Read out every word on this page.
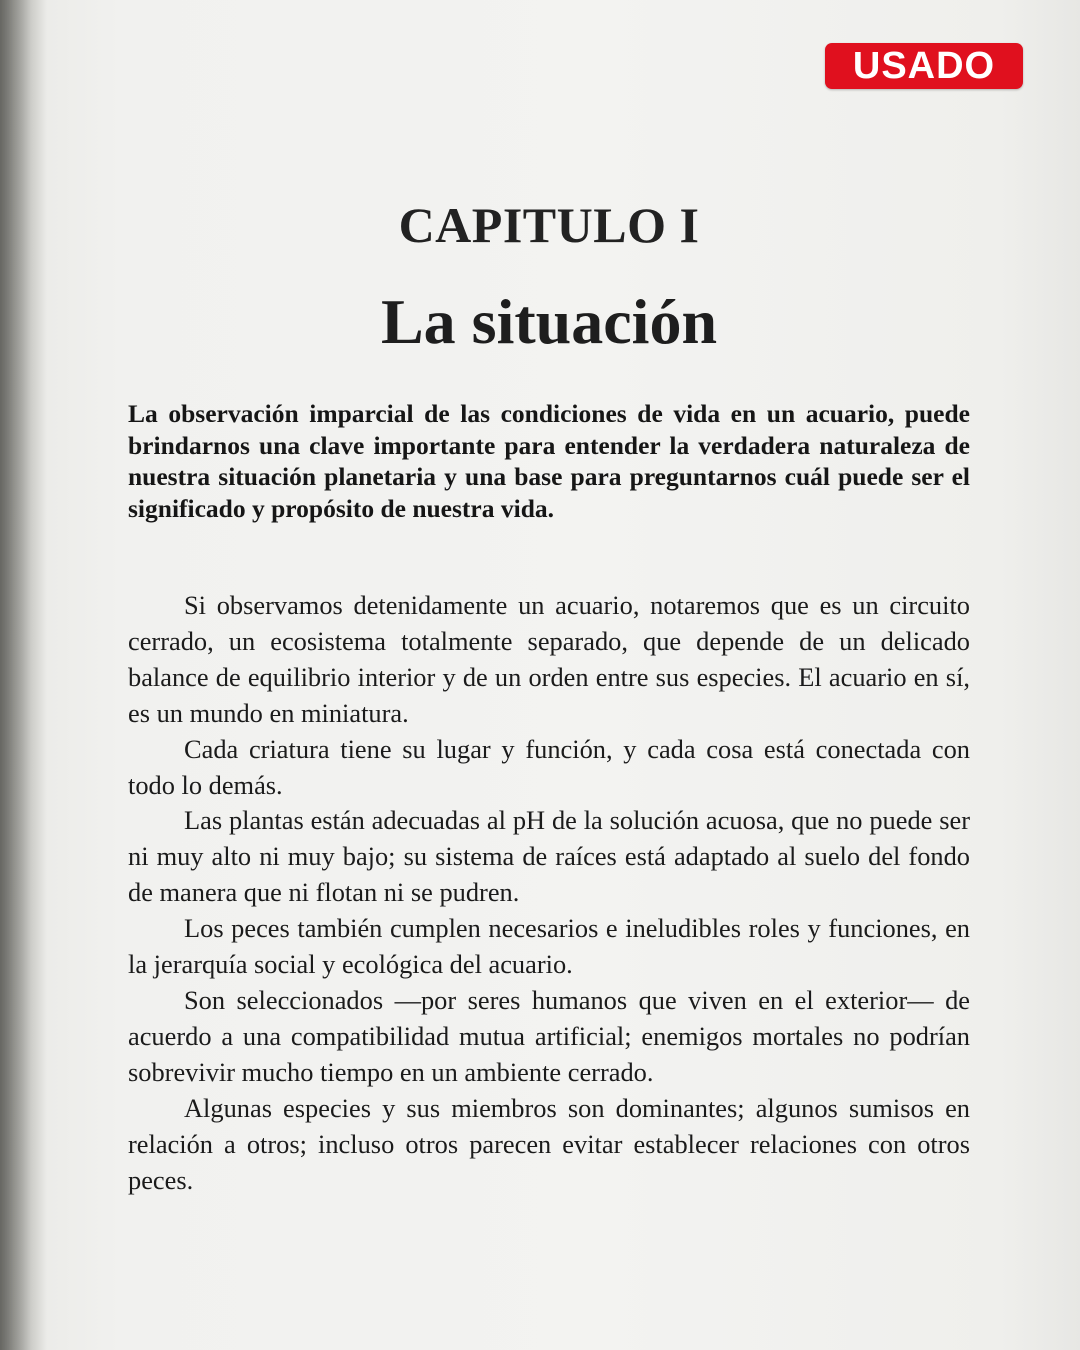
CAPITULO I
La situación

La observación imparcial de las condiciones de vida en un acuario, puede brindarnos una clave importante para entender la verdadera naturaleza de nuestra situación planetaria y una base para preguntarnos cuál puede ser el significado y propósito de nuestra vida.

Si observamos detenidamente un acuario, notaremos que es un circuito cerrado, un ecosistema totalmente separado, que depende de un delicado balance de equilibrio interior y de un orden entre sus especies. El acuario en sí, es un mundo en miniatura.

Cada criatura tiene su lugar y función, y cada cosa está conectada con todo lo demás.

Las plantas están adecuadas al pH de la solución acuosa, que no puede ser ni muy alto ni muy bajo; su sistema de raíces está adaptado al suelo del fondo de manera que ni flotan ni se pudren.

Los peces también cumplen necesarios e ineludibles roles y funciones, en la jerarquía social y ecológica del acuario.

Son seleccionados —por seres humanos que viven en el exterior— de acuerdo a una compatibilidad mutua artificial; enemigos mortales no podrían sobrevivir mucho tiempo en un ambiente cerrado.

Algunas especies y sus miembros son dominantes; algunos sumisos en relación a otros; incluso otros parecen evitar establecer relaciones con otros peces.

USADO
